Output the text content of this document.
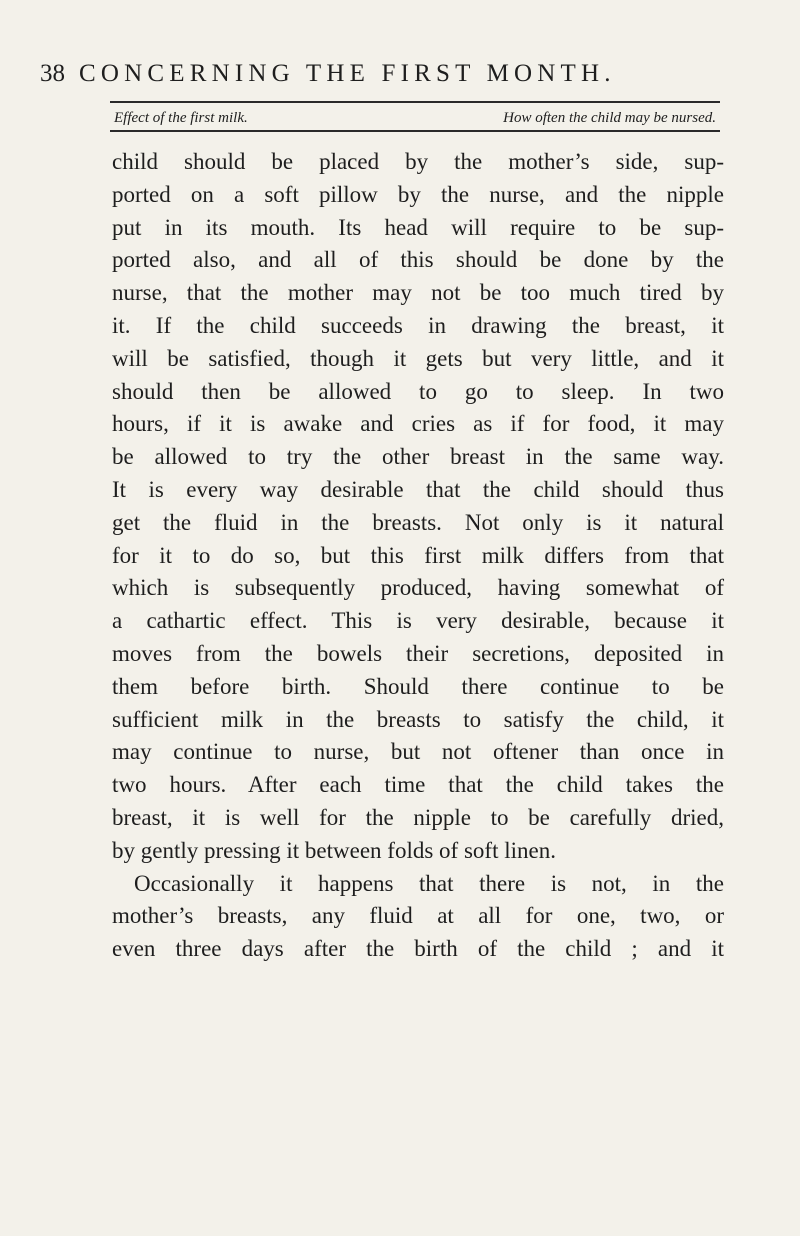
38 CONCERNING THE FIRST MONTH.
Effect of the first milk.	How often the child may be nursed.
child should be placed by the mother’s side, sup-
ported on a soft pillow by the nurse, and the nipple
put in its mouth. Its head will require to be sup-
ported also, and all of this should be done by the
nurse, that the mother may not be too much tired by
it. If the child succeeds in drawing the breast, it
will be satisfied, though it gets but very little, and it
should then be allowed to go to sleep. In two
hours, if it is awake and cries as if for food, it may
be allowed to try the other breast in the same way.
It is every way desirable that the child should thus
get the fluid in the breasts. Not only is it natural
for it to do so, but this first milk differs from that
which is subsequently produced, having somewhat of
a cathartic effect. This is very desirable, because it
moves from the bowels their secretions, deposited in
them before birth. Should there continue to be
sufficient milk in the breasts to satisfy the child, it
may continue to nurse, but not oftener than once in
two hours. After each time that the child takes the
breast, it is well for the nipple to be carefully dried,
by gently pressing it between folds of soft linen.
Occasionally it happens that there is not, in the
mother’s breasts, any fluid at all for one, two, or
even three days after the birth of the child ; and it
